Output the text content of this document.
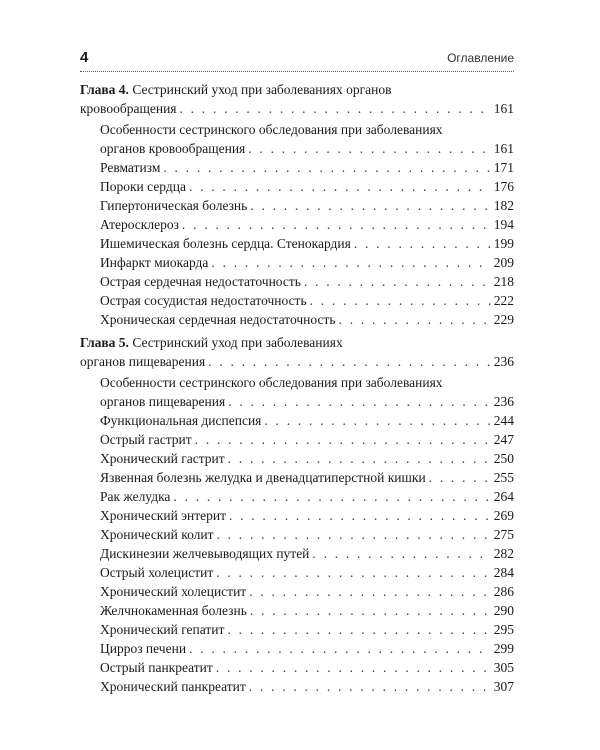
4	Оглавление
Глава 4. Сестринский уход при заболеваниях органов
кровообращения . . .	161
Особенности сестринского обследования при заболеваниях
органов кровообращения . . .	161
Ревматизм . . .	171
Пороки сердца . . .	176
Гипертоническая болезнь . . .	182
Атеросклероз . . .	194
Ишемическая болезнь сердца. Стенокардия . . .	199
Инфаркт миокарда . . .	209
Острая сердечная недостаточность . . .	218
Острая сосудистая недостаточность . . .	222
Хроническая сердечная недостаточность . . .	229
Глава 5. Сестринский уход при заболеваниях
органов пищеварения . . .	236
Особенности сестринского обследования при заболеваниях
органов пищеварения . . .	236
Функциональная диспепсия . . .	244
Острый гастрит . . .	247
Хронический гастрит . . .	250
Язвенная болезнь желудка и двенадцатиперстной кишки . . .	255
Рак желудка . . .	264
Хронический энтерит . . .	269
Хронический колит . . .	275
Дискинезии желчевыводящих путей . . .	282
Острый холецистит . . .	284
Хронический холецистит . . .	286
Желчнокаменная болезнь . . .	290
Хронический гепатит . . .	295
Цирроз печени . . .	299
Острый панкреатит . . .	305
Хронический панкреатит . . .	307
